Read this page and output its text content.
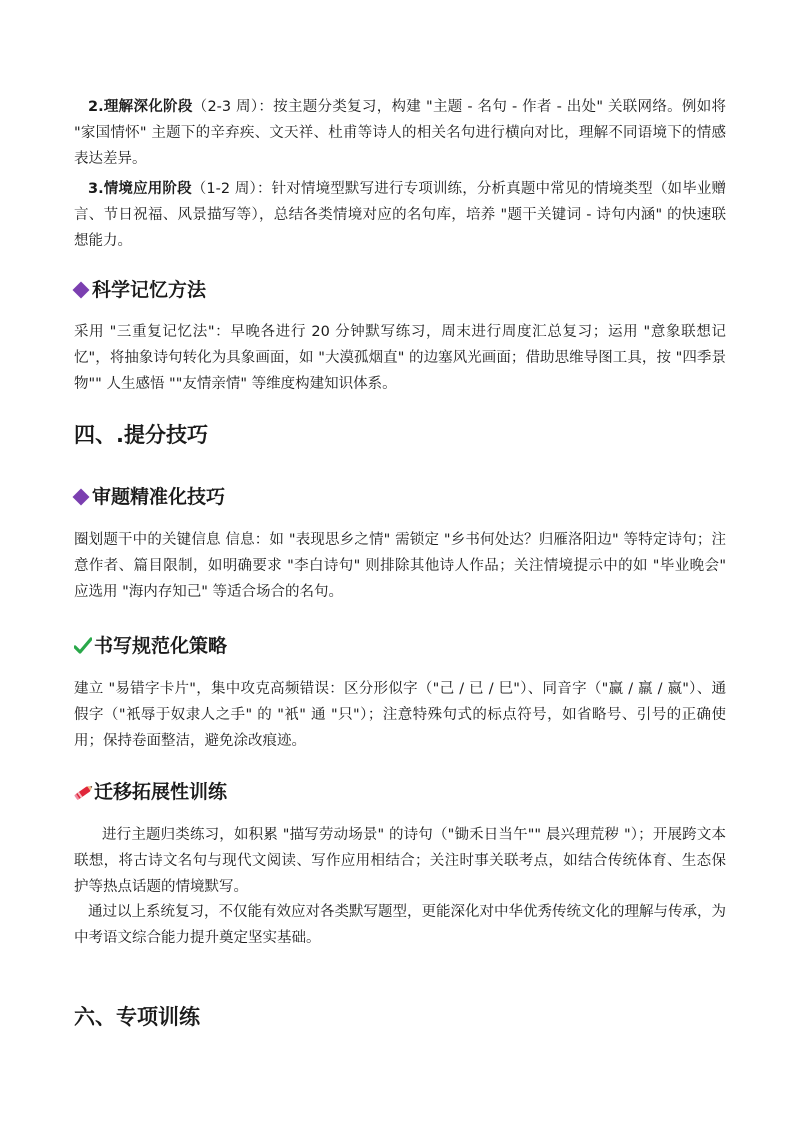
2.理解深化阶段（2-3 周）：按主题分类复习，构建 "主题 - 名句 - 作者 - 出处" 关联网络。例如将 "家国情怀" 主题下的辛弃疾、文天祥、杜甫等诗人的相关名句进行横向对比，理解不同语境下的情感表达差异。

3.情境应用阶段（1-2 周）：针对情境型默写进行专项训练，分析真题中常见的情境类型（如毕业赠言、节日祝福、风景描写等），总结各类情境对应的名句库，培养 "题干关键词 - 诗句内涵" 的快速联想能力。

科学记忆方法

采用 "三重复记忆法"：早晚各进行 20 分钟默写练习，周末进行周度汇总复习；运用 "意象联想记忆"，将抽象诗句转化为具象画面，如 "大漠孤烟直" 的边塞风光画面；借助思维导图工具，按 "四季景物"" 人生感悟 ""友情亲情" 等维度构建知识体系。

四、.提分技巧
审题精准化技巧

圈划题干中的关键信息 信息：如 "表现思乡之情" 需锁定 "乡书何处达？归雁洛阳边" 等特定诗句；注意作者、篇目限制，如明确要求 "李白诗句" 则排除其他诗人作品；关注情境提示中的如 "毕业晚会" 应选用 "海内存知己" 等适合场合的名句。

书写规范化策略

建立 "易错字卡片"，集中攻克高频错误：区分形似字（"己 / 已 / 巳"）、同音字（"赢 / 羸 / 嬴"）、通假字（"衹辱于奴隶人之手" 的 "衹" 通 "只"）；注意特殊句式的标点符号，如省略号、引号的正确使用；保持卷面整洁，避免涂改痕迹。

迁移拓展性训练

进行主题归类练习，如积累 "描写劳动场景" 的诗句（"锄禾日当午"" 晨兴理荒秽 "）；开展跨文本联想，将古诗文名句与现代文阅读、写作应用相结合；关注时事关联考点，如结合传统体育、生态保护等热点话题的情境默写。

通过以上系统复习，不仅能有效应对各类默写题型，更能深化对中华优秀传统文化的理解与传承，为中考语文综合能力提升奠定坚实基础。

六、专项训练
